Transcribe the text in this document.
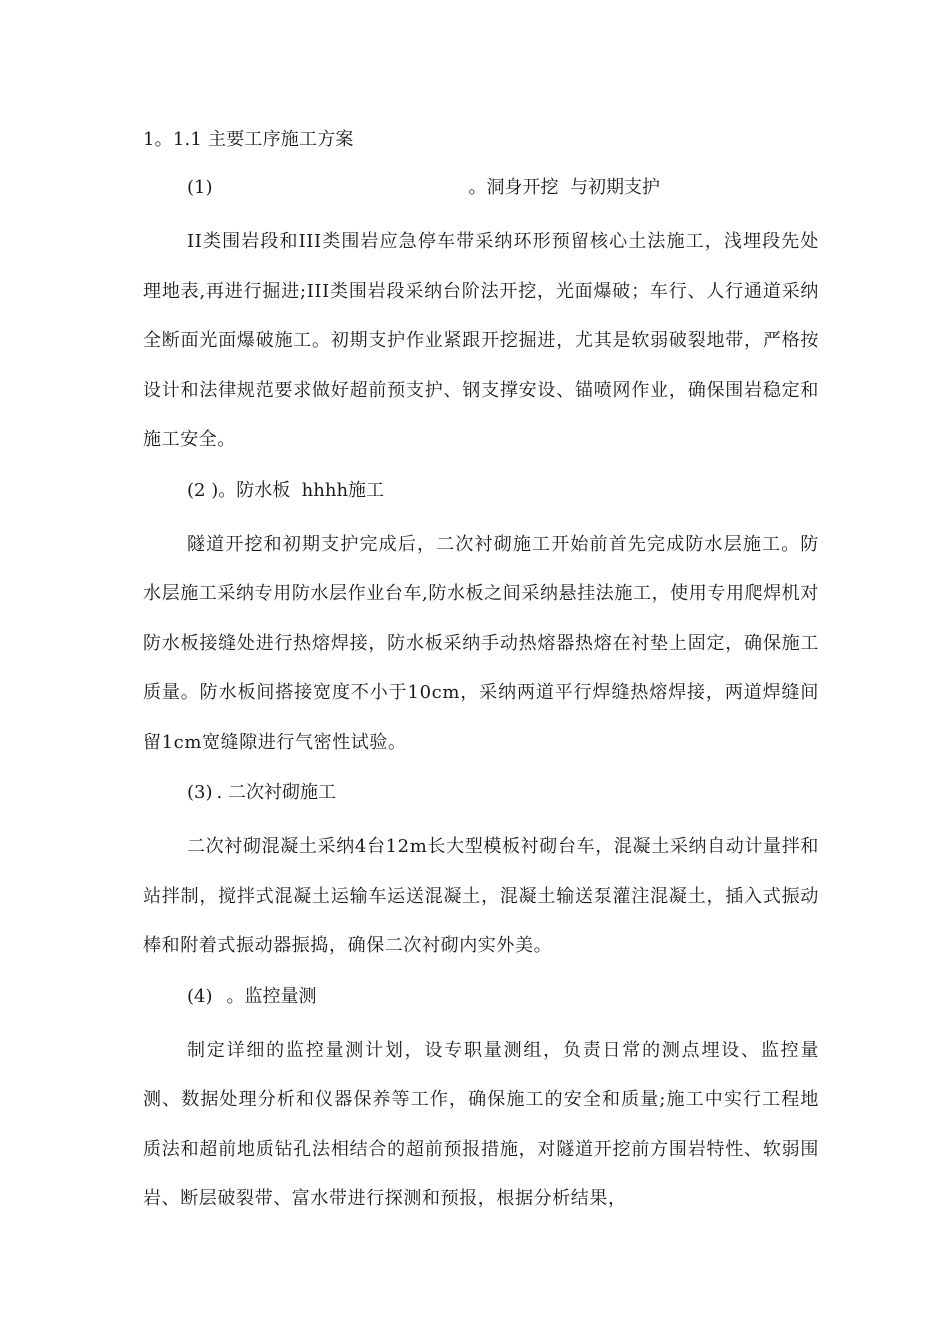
1。1.1 主要工序施工方案
(1)	。洞身开挖  与初期支护

II类围岩段和III类围岩应急停车带采纳环形预留核心土法施工，浅埋段先处理地表,再进行掘进;III类围岩段采纳台阶法开挖，光面爆破；车行、人行通道采纳全断面光面爆破施工。初期支护作业紧跟开挖掘进，尤其是软弱破裂地带，严格按设计和法律规范要求做好超前预支护、钢支撑安设、锚喷网作业，确保围岩稳定和施工安全。

(2 )。防水板  hhhh施工

隧道开挖和初期支护完成后，二次衬砌施工开始前首先完成防水层施工。防水层施工采纳专用防水层作业台车,防水板之间采纳悬挂法施工，使用专用爬焊机对防水板接缝处进行热熔焊接，防水板采纳手动热熔器热熔在衬垫上固定，确保施工质量。防水板间搭接宽度不小于10cm，采纳两道平行焊缝热熔焊接，两道焊缝间留1cm宽缝隙进行气密性试验。

(3) . 二次衬砌施工

二次衬砌混凝土采纳4台12m长大型模板衬砌台车，混凝土采纳自动计量拌和站拌制，搅拌式混凝土运输车运送混凝土，混凝土输送泵灌注混凝土，插入式振动棒和附着式振动器振捣，确保二次衬砌内实外美。

(4) 。监控量测

制定详细的监控量测计划，设专职量测组，负责日常的测点埋设、监控量测、数据处理分析和仪器保养等工作，确保施工的安全和质量;施工中实行工程地质法和超前地质钻孔法相结合的超前预报措施，对隧道开挖前方围岩特性、软弱围岩、断层破裂带、富水带进行探测和预报，根据分析结果，
